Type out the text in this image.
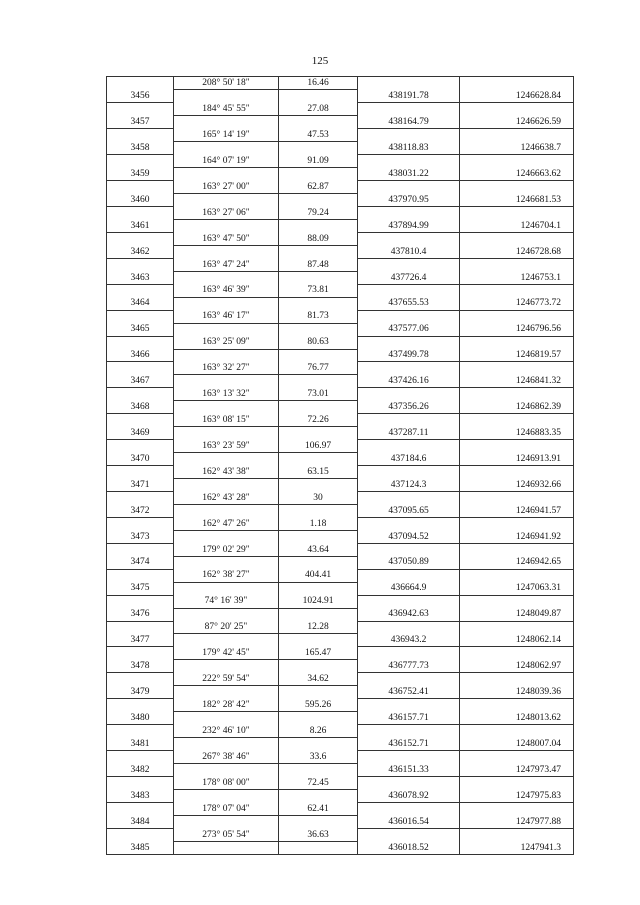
125
	208° 50' 18"	16.46		
3456			438191.78	1246628.84
	184° 45' 55"	27.08		
3457			438164.79	1246626.59
	165° 14' 19"	47.53		
3458			438118.83	1246638.7
	164° 07' 19"	91.09		
3459			438031.22	1246663.62
	163° 27' 00"	62.87		
3460			437970.95	1246681.53
	163° 27' 06"	79.24		
3461			437894.99	1246704.1
	163° 47' 50"	88.09		
3462			437810.4	1246728.68
	163° 47' 24"	87.48		
3463			437726.4	1246753.1
	163° 46' 39"	73.81		
3464			437655.53	1246773.72
	163° 46' 17"	81.73		
3465			437577.06	1246796.56
	163° 25' 09"	80.63		
3466			437499.78	1246819.57
	163° 32' 27"	76.77		
3467			437426.16	1246841.32
	163° 13' 32"	73.01		
3468			437356.26	1246862.39
	163° 08' 15"	72.26		
3469			437287.11	1246883.35
	163° 23' 59"	106.97		
3470			437184.6	1246913.91
	162° 43' 38"	63.15		
3471			437124.3	1246932.66
	162° 43' 28"	30		
3472			437095.65	1246941.57
	162° 47' 26"	1.18		
3473			437094.52	1246941.92
	179° 02' 29"	43.64		
3474			437050.89	1246942.65
	162° 38' 27"	404.41		
3475			436664.9	1247063.31
	74° 16' 39"	1024.91		
3476			436942.63	1248049.87
	87° 20' 25"	12.28		
3477			436943.2	1248062.14
	179° 42' 45"	165.47		
3478			436777.73	1248062.97
	222° 59' 54"	34.62		
3479			436752.41	1248039.36
	182° 28' 42"	595.26		
3480			436157.71	1248013.62
	232° 46' 10"	8.26		
3481			436152.71	1248007.04
	267° 38' 46"	33.6		
3482			436151.33	1247973.47
	178° 08' 00"	72.45		
3483			436078.92	1247975.83
	178° 07' 04"	62.41		
3484			436016.54	1247977.88
	273° 05' 54"	36.63		
3485			436018.52	1247941.3
